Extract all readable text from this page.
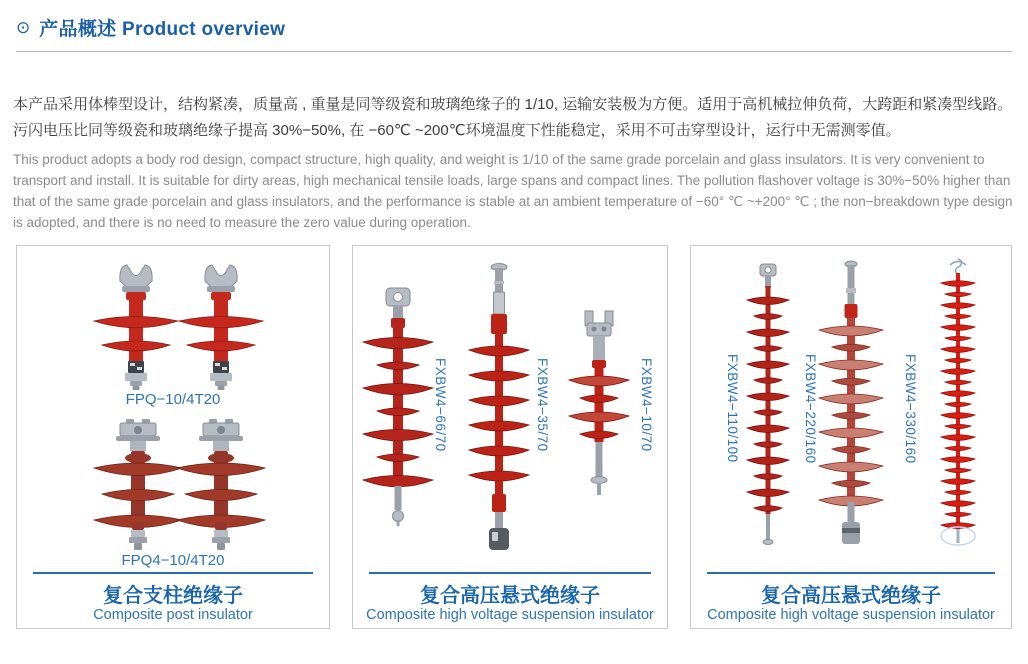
⊙ 产品概述 Product overview

本产品采用体棒型设计，结构紧凑，质量高 , 重量是同等级瓷和玻璃绝缘子的 1/10, 运输安装极为方便。适用于高机械拉伸负荷，大跨距和紧凑型线路。污闪电压比同等级瓷和玻璃绝缘子提高 30%−50%, 在 −60℃ ~200℃环境温度下性能稳定，采用不可击穿型设计，运行中无需测零值。

This product adopts a body rod design, compact structure, high quality, and weight is 1/10 of the same grade porcelain and glass insulators. It is very convenient to transport and install. It is suitable for dirty areas, high mechanical tensile loads, large spans and compact lines. The pollution flashover voltage is 30%−50% higher than that of the same grade porcelain and glass insulators, and the performance is stable at an ambient temperature of −60° ℃ ~+200° ℃ ; the non−breakdown type design is adopted, and there is no need to measure the zero value during operation.

FPQ−10/4T20
FPQ4−10/4T20
复合支柱绝缘子
Composite post insulator
FXBW4−66/70	FXBW4−35/70	FXBW4−10/70
复合高压悬式绝缘子
Composite high voltage suspension insulator
FXBW4−110/100	FXBW4−220/160	FXBW4−330/160
复合高压悬式绝缘子
Composite high voltage suspension insulator
